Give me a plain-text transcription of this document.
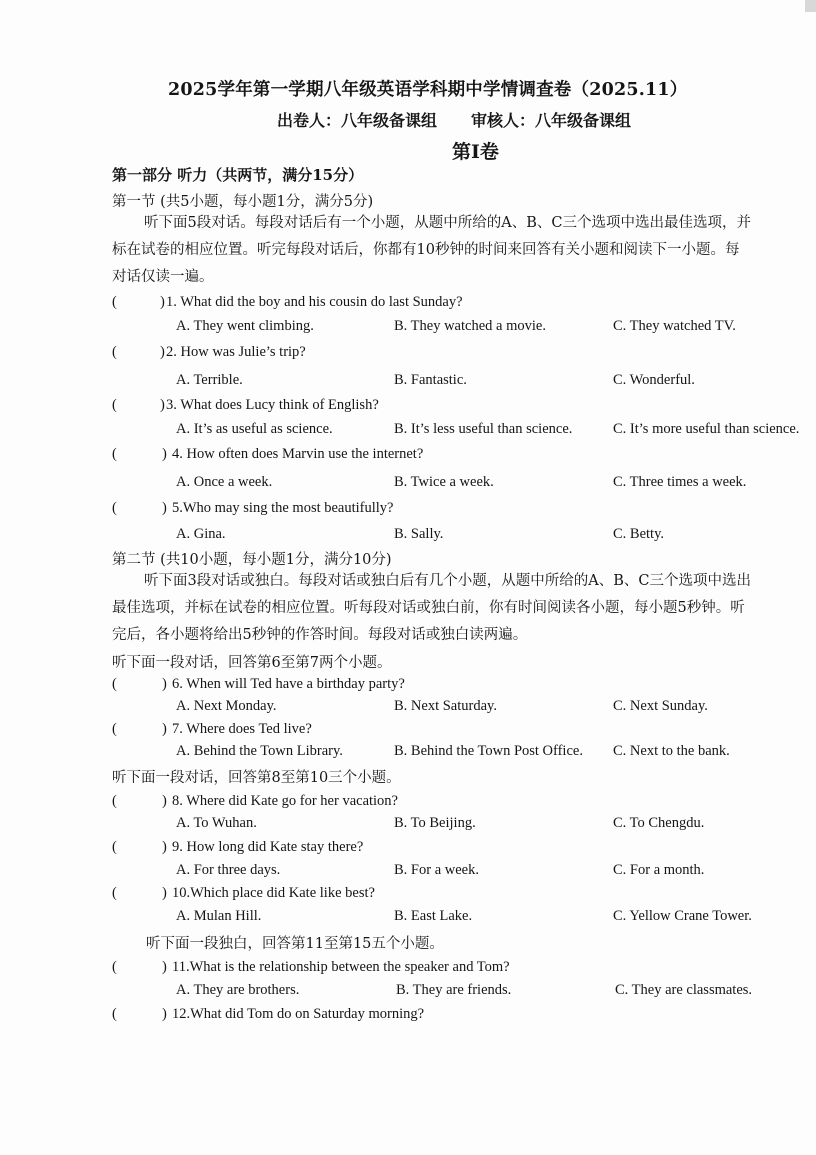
2025学年第一学期八年级英语学科期中学情调查卷（2025.11）
出卷人：八年级备课组 审核人：八年级备课组
第Ⅰ卷
第一部分 听力（共两节，满分15分）
第一节 (共5小题，每小题1分，满分5分)

听下面5段对话。每段对话后有一个小题，从题中所给的A、B、C三个选项中选出最佳选项，并

标在试卷的相应位置。听完每段对话后，你都有10秒钟的时间来回答有关小题和阅读下一小题。每

对话仅读一遍。

(	) 1. What did the boy and his cousin do last Sunday?
A. They went climbing.	B. They watched a movie.	C. They watched TV.
(	) 2. How was Julie’s trip?
A. Terrible.	B. Fantastic.	C. Wonderful.
(	) 3. What does Lucy think of English?
A. It’s as useful as science.	B. It’s less useful than science.	C. It’s more useful than science.
(	) 4. How often does Marvin use the internet?
A. Once a week.	B. Twice a week.	C. Three times a week.
(	) 5.Who may sing the most beautifully?
A. Gina.	B. Sally.	C. Betty.
第二节 (共10小题，每小题1分，满分10分)

听下面3段对话或独白。每段对话或独白后有几个小题，从题中所给的A、B、C三个选项中选出

最佳选项，并标在试卷的相应位置。听每段对话或独白前，你有时间阅读各小题，每小题5秒钟。听

完后，各小题将给出5秒钟的作答时间。每段对话或独白读两遍。

听下面一段对话，回答第6至第7两个小题。
(	) 6. When will Ted have a birthday party?
A. Next Monday.	B. Next Saturday.	C. Next Sunday.
(	) 7. Where does Ted live?
A. Behind the Town Library.	B. Behind the Town Post Office. C. Next to the bank.
听下面一段对话，回答第8至第10三个小题。
(	) 8. Where did Kate go for her vacation?
A. To Wuhan.	B. To Beijing.	C. To Chengdu.
(	) 9. How long did Kate stay there?
A. For three days.	B. For a week.	C. For a month.
(	) 10.Which place did Kate like best?
A. Mulan Hill.	B. East Lake.	C. Yellow Crane Tower.
听下面一段独白，回答第11至第15五个小题。
(	) 11.What is the relationship between the speaker and Tom?
A. They are brothers.	B. They are friends.	C. They are classmates.
(	) 12.What did Tom do on Saturday morning?
